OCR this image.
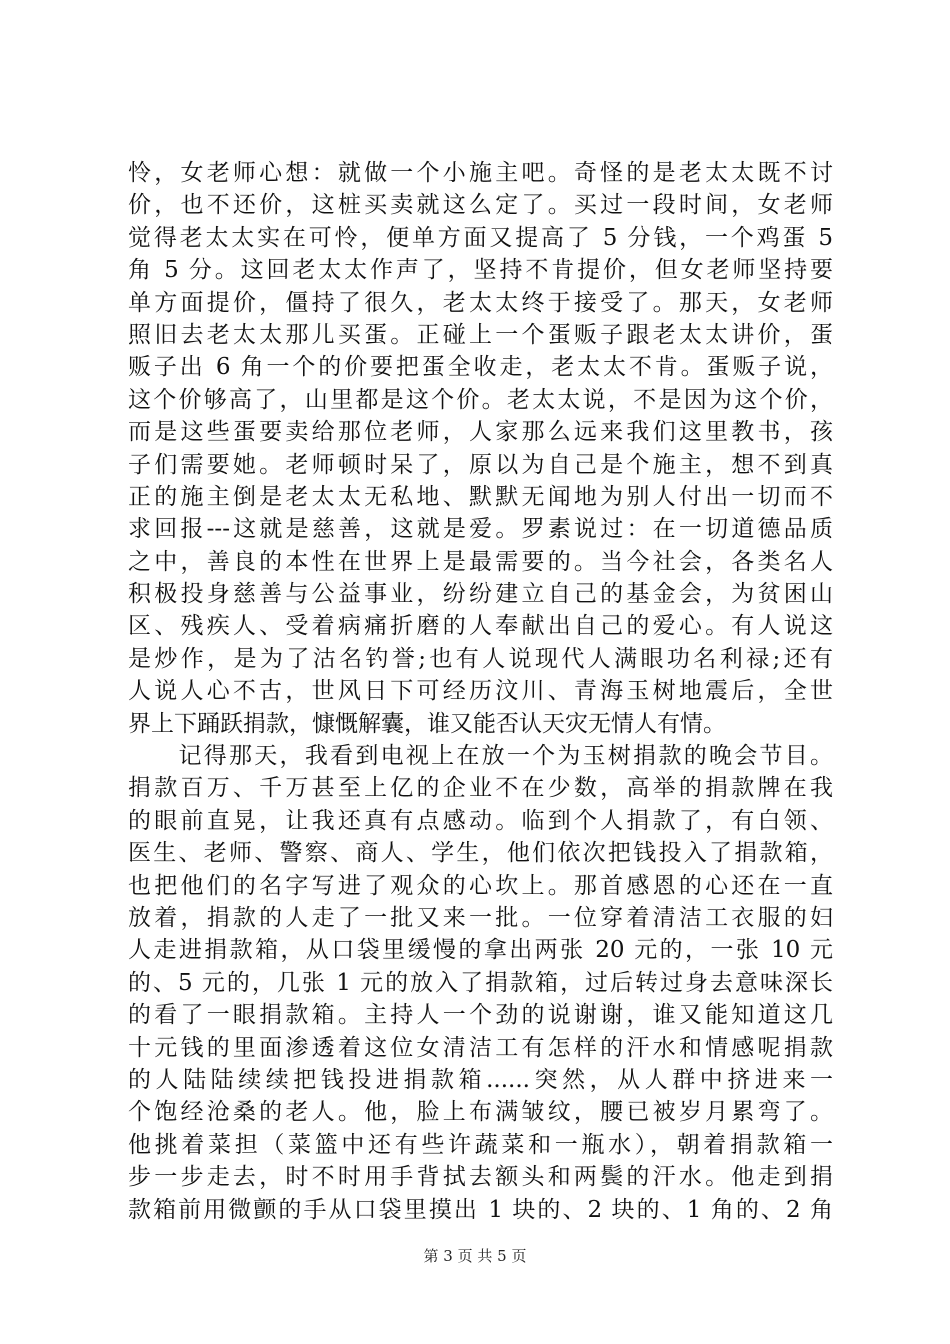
怜，女老师心想：就做一个小施主吧。奇怪的是老太太既不讨
价，也不还价，这桩买卖就这么定了。买过一段时间，女老师
觉得老太太实在可怜，便单方面又提高了 5 分钱，一个鸡蛋 5
角 5 分。这回老太太作声了，坚持不肯提价，但女老师坚持要
单方面提价，僵持了很久，老太太终于接受了。那天，女老师
照旧去老太太那儿买蛋。正碰上一个蛋贩子跟老太太讲价，蛋
贩子出 6 角一个的价要把蛋全收走，老太太不肯。蛋贩子说，
这个价够高了，山里都是这个价。老太太说，不是因为这个价，
而是这些蛋要卖给那位老师，人家那么远来我们这里教书，孩
子们需要她。老师顿时呆了，原以为自己是个施主，想不到真
正的施主倒是老太太无私地、默默无闻地为别人付出一切而不
求回报---这就是慈善，这就是爱。罗素说过：在一切道德品质
之中，善良的本性在世界上是最需要的。当今社会，各类名人
积极投身慈善与公益事业，纷纷建立自己的基金会，为贫困山
区、残疾人、受着病痛折磨的人奉献出自己的爱心。有人说这
是炒作，是为了沽名钓誉;也有人说现代人满眼功名利禄;还有
人说人心不古，世风日下可经历汶川、青海玉树地震后，全世
界上下踊跃捐款，慷慨解囊，谁又能否认天灾无情人有情。
　　记得那天，我看到电视上在放一个为玉树捐款的晚会节目。
捐款百万、千万甚至上亿的企业不在少数，高举的捐款牌在我
的眼前直晃，让我还真有点感动。临到个人捐款了，有白领、
医生、老师、警察、商人、学生，他们依次把钱投入了捐款箱，
也把他们的名字写进了观众的心坎上。那首感恩的心还在一直
放着，捐款的人走了一批又来一批。一位穿着清洁工衣服的妇
人走进捐款箱，从口袋里缓慢的拿出两张 20 元的，一张 10 元
的、5 元的，几张 1 元的放入了捐款箱，过后转过身去意味深长
的看了一眼捐款箱。主持人一个劲的说谢谢，谁又能知道这几
十元钱的里面渗透着这位女清洁工有怎样的汗水和情感呢捐款
的人陆陆续续把钱投进捐款箱......突然，从人群中挤进来一
个饱经沧桑的老人。他，脸上布满皱纹，腰已被岁月累弯了。
他挑着菜担（菜篮中还有些许蔬菜和一瓶水），朝着捐款箱一
步一步走去，时不时用手背拭去额头和两鬓的汗水。他走到捐
款箱前用微颤的手从口袋里摸出 1 块的、2 块的、1 角的、2 角
第 3 页 共 5 页
